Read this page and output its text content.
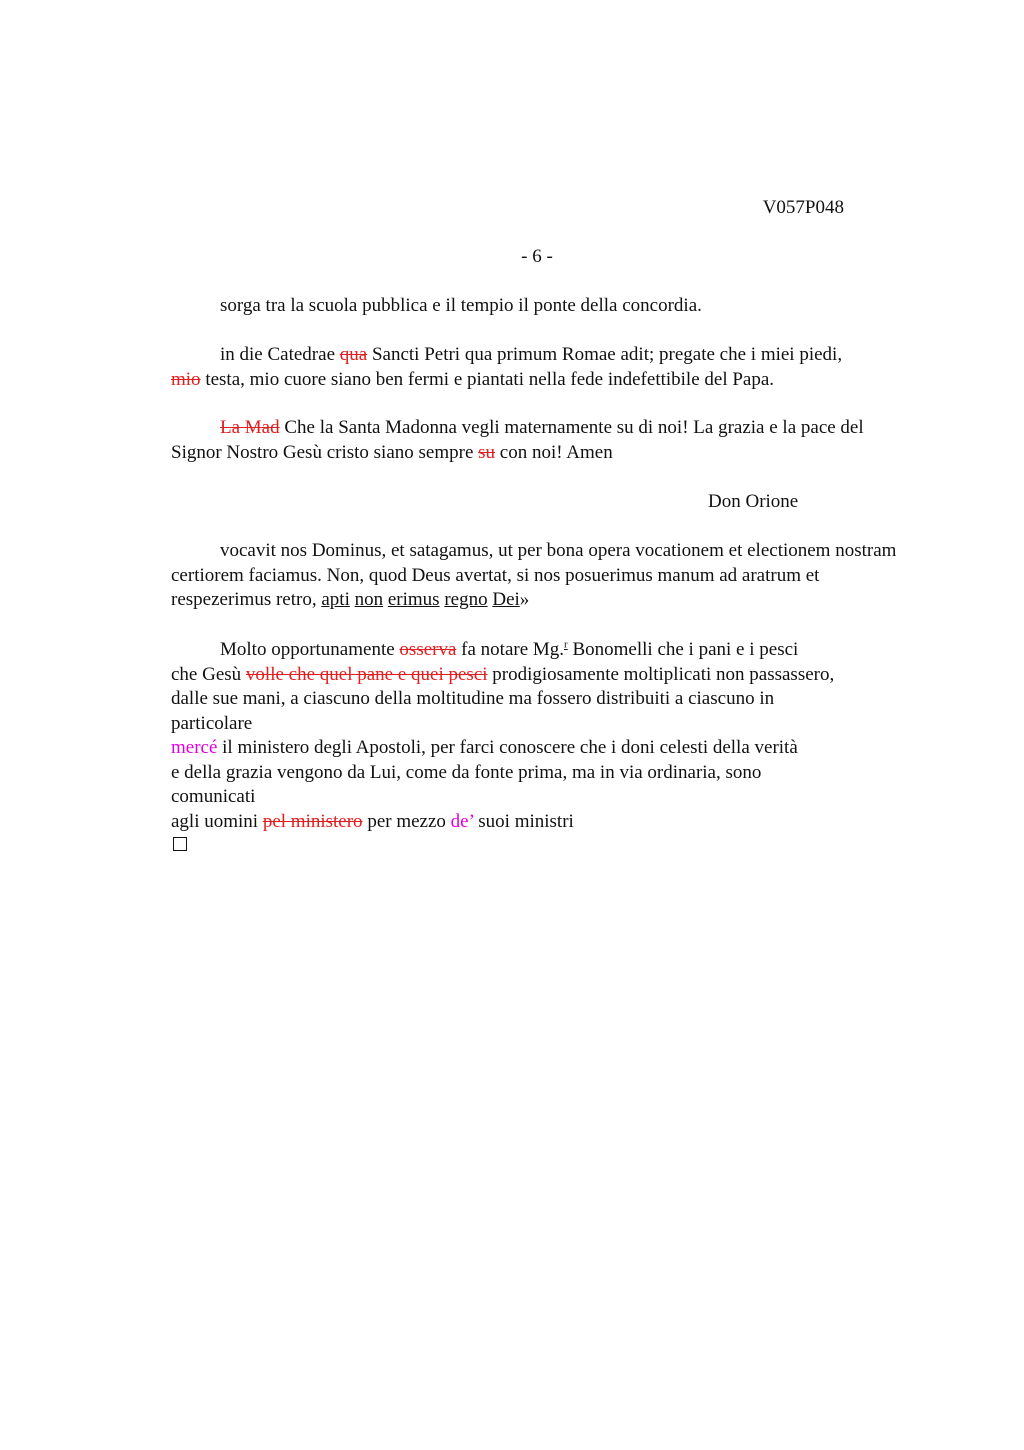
V057P048
- 6 -

sorga tra la scuola pubblica e il tempio il ponte della concordia.

in die Catedrae qua Sancti Petri qua primum Romae adit; pregate che i miei piedi,
mio testa, mio cuore siano ben fermi e piantati nella fede indefettibile del Papa.

La Mad Che la Santa Madonna vegli maternamente su di noi! La grazia e la pace del Signor Nostro Gesù cristo siano sempre su con noi! Amen

Don Orione

vocavit nos Dominus, et satagamus, ut per bona opera vocationem et electionem nostram certiorem faciamus. Non, quod Deus avertat, si nos posuerimus manum ad aratrum et respezerimus retro, apti non erimus regno Dei»

Molto opportunamente osserva fa notare Mg.$^r$ Bonomelli che i pani e i pesci
che Gesù volle che quel pane e quei pesci prodigiosamente moltiplicati non passassero,
dalle sue mani, a ciascuno della moltitudine ma fossero distribuiti a ciascuno in
particolare
mercé il ministero degli Apostoli, per farci conoscere che i doni celesti della verità
e della grazia vengono da Lui, come da fonte prima, ma in via ordinaria, sono
comunicati
agli uomini pel ministero per mezzo de’ suoi ministri
